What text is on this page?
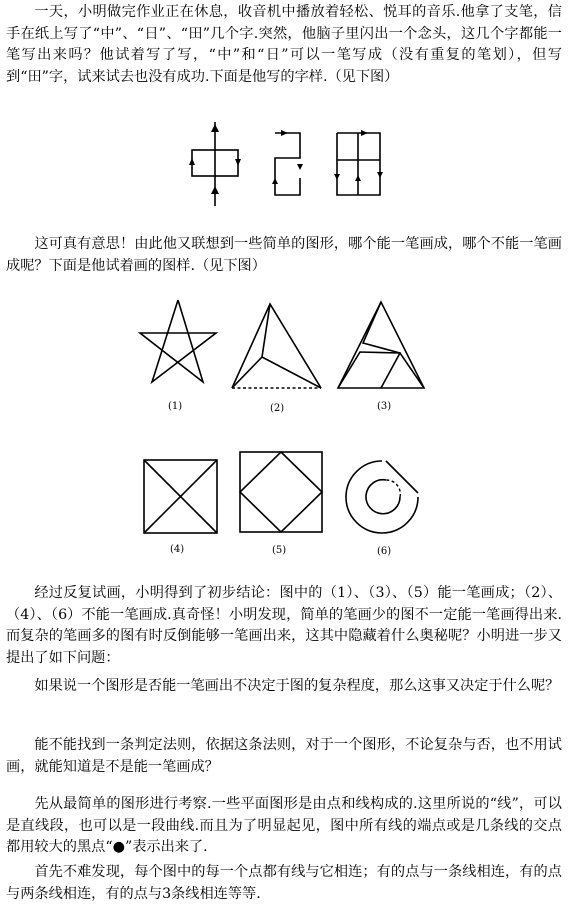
一天，小明做完作业正在休息，收音机中播放着轻松、悦耳的音乐.他拿了支笔，信手在纸上写了“中”、“日”、“田”几个字.突然，他脑子里闪出一个念头，这几个字都能一笔写出来吗？他试着写了写，“中”和“日”可以一笔写成（没有重复的笔划），但写到“田”字，试来试去也没有成功.下面是他写的字样.（见下图）

这可真有意思！由此他又联想到一些简单的图形，哪个能一笔画成，哪个不能一笔画成呢？下面是他试着画的图样.（见下图）

(1)	(2)	(3)
(4)	(5)	(6)

经过反复试画，小明得到了初步结论：图中的（1）、（3）、（5）能一笔画成；（2）、（4）、（6）不能一笔画成.真奇怪！小明发现，简单的笔画少的图不一定能一笔画得出来.而复杂的笔画多的图有时反倒能够一笔画出来，这其中隐藏着什么奥秘呢？小明进一步又提出了如下问题：

如果说一个图形是否能一笔画出不决定于图的复杂程度，那么这事又决定于什么呢？

能不能找到一条判定法则，依据这条法则，对于一个图形，不论复杂与否，也不用试画，就能知道是不是能一笔画成？

先从最简单的图形进行考察.一些平面图形是由点和线构成的.这里所说的“线”，可以是直线段，也可以是一段曲线.而且为了明显起见，图中所有线的端点或是几条线的交点都用较大的黑点“●”表示出来了.

首先不难发现，每个图中的每一个点都有线与它相连；有的点与一条线相连，有的点与两条线相连，有的点与3条线相连等等.
